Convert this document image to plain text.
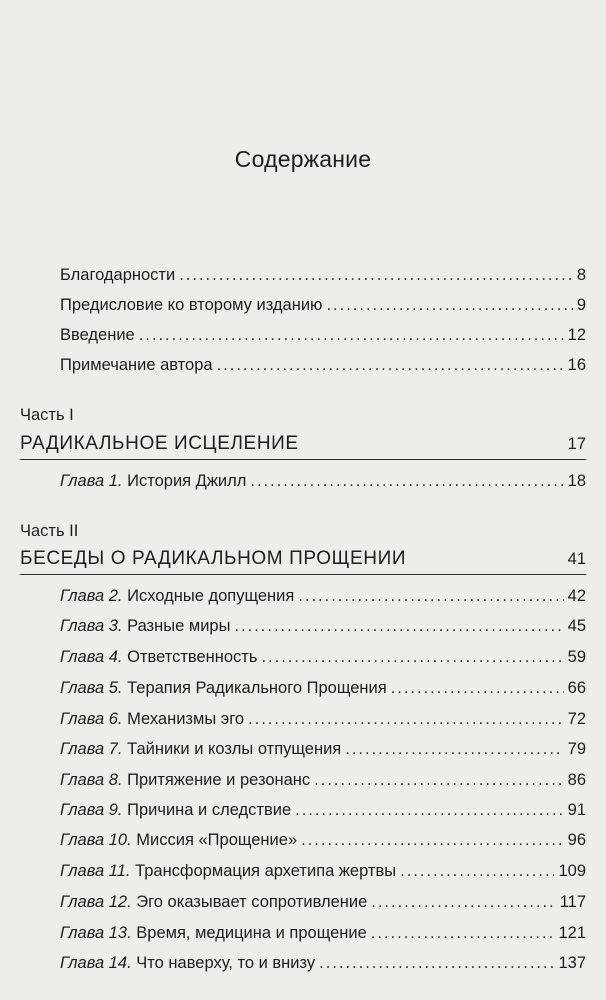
Содержание
Благодарности .....	8
Предисловие ко второму изданию .....	9
Введение .....	12
Примечание автора .....	16
Часть I
РАДИКАЛЬНОЕ ИСЦЕЛЕНИЕ	17
Глава 1. История Джилл .....	18
Часть II
БЕСЕДЫ О РАДИКАЛЬНОМ ПРОЩЕНИИ	41
Глава 2. Исходные допущения .....	42
Глава 3. Разные миры .....	45
Глава 4. Ответственность .....	59
Глава 5. Терапия Радикального Прощения .....	66
Глава 6. Механизмы эго .....	72
Глава 7. Тайники и козлы отпущения .....	79
Глава 8. Притяжение и резонанс .....	86
Глава 9. Причина и следствие .....	91
Глава 10. Миссия «Прощение» .....	96
Глава 11. Трансформация архетипа жертвы .....	109
Глава 12. Эго оказывает сопротивление .....	117
Глава 13. Время, медицина и прощение .....	121
Глава 14. Что наверху, то и внизу .....	137
